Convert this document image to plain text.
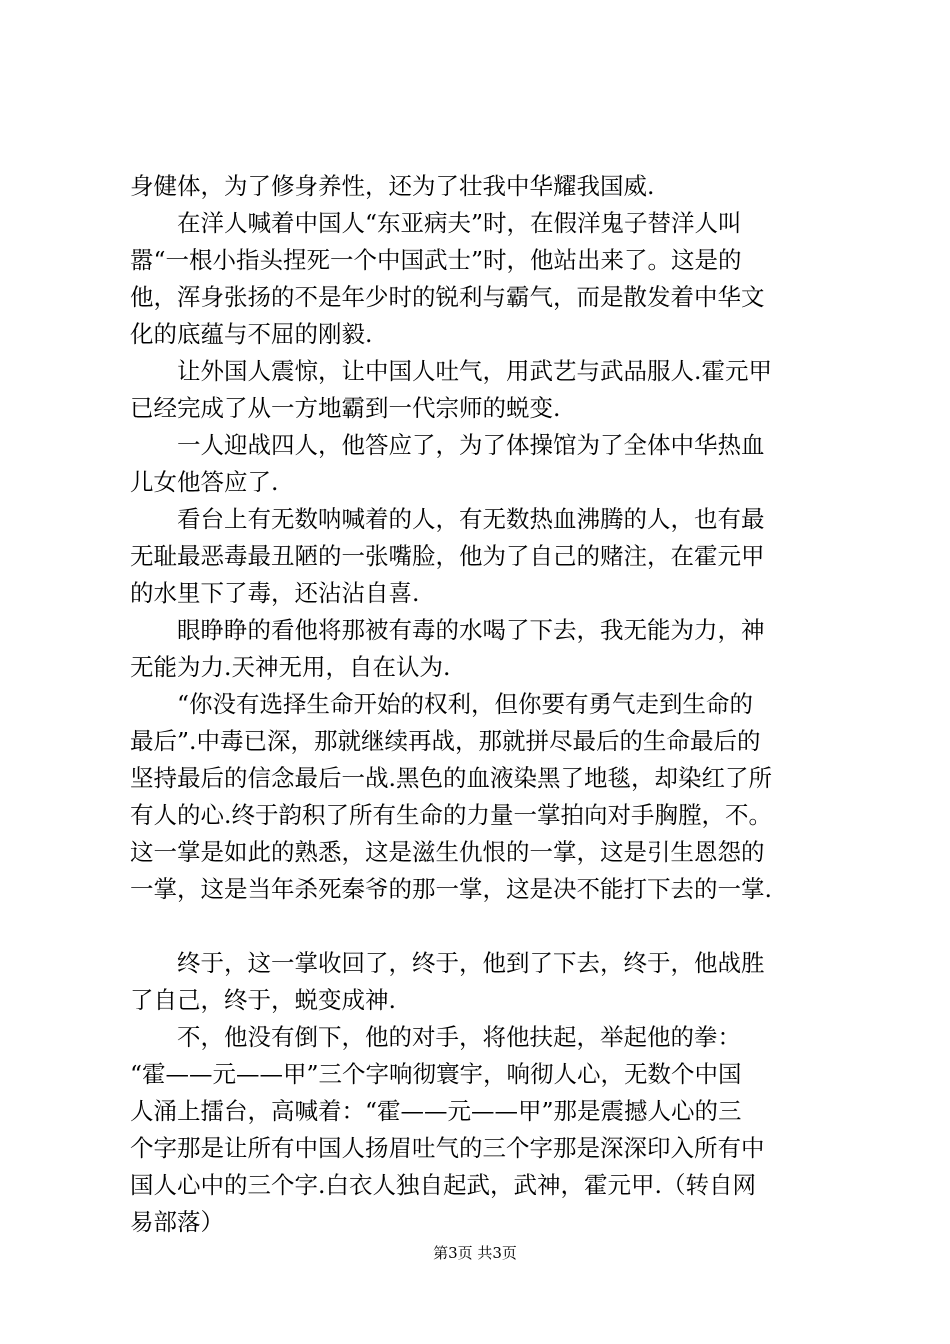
身健体，为了修身养性，还为了壮我中华耀我国威.
　　在洋人喊着中国人“东亚病夫”时，在假洋鬼子替洋人叫
嚣“一根小指头捏死一个中国武士”时，他站出来了。这是的
他，浑身张扬的不是年少时的锐利与霸气，而是散发着中华文
化的底蕴与不屈的刚毅.
　　让外国人震惊，让中国人吐气，用武艺与武品服人.霍元甲
已经完成了从一方地霸到一代宗师的蜕变.
　　一人迎战四人，他答应了，为了体操馆为了全体中华热血
儿女他答应了.
　　看台上有无数呐喊着的人，有无数热血沸腾的人，也有最
无耻最恶毒最丑陋的一张嘴脸，他为了自己的赌注，在霍元甲
的水里下了毒，还沾沾自喜.
　　眼睁睁的看他将那被有毒的水喝了下去，我无能为力，神
无能为力.天神无用，自在认为.
　　“你没有选择生命开始的权利，但你要有勇气走到生命的
最后”.中毒已深，那就继续再战，那就拼尽最后的生命最后的
坚持最后的信念最后一战.黑色的血液染黑了地毯，却染红了所
有人的心.终于韵积了所有生命的力量一掌拍向对手胸膛，不。
这一掌是如此的熟悉，这是滋生仇恨的一掌，这是引生恩怨的
一掌，这是当年杀死秦爷的那一掌，这是决不能打下去的一掌.
　　终于，这一掌收回了，终于，他到了下去，终于，他战胜
了自己，终于，蜕变成神.
　　不，他没有倒下，他的对手，将他扶起，举起他的拳：
“霍——元——甲”三个字响彻寰宇，响彻人心，无数个中国
人涌上擂台，高喊着：“霍——元——甲”那是震撼人心的三
个字那是让所有中国人扬眉吐气的三个字那是深深印入所有中
国人心中的三个字.白衣人独自起武，武神，霍元甲.（转自网
易部落）
第3页 共3页
